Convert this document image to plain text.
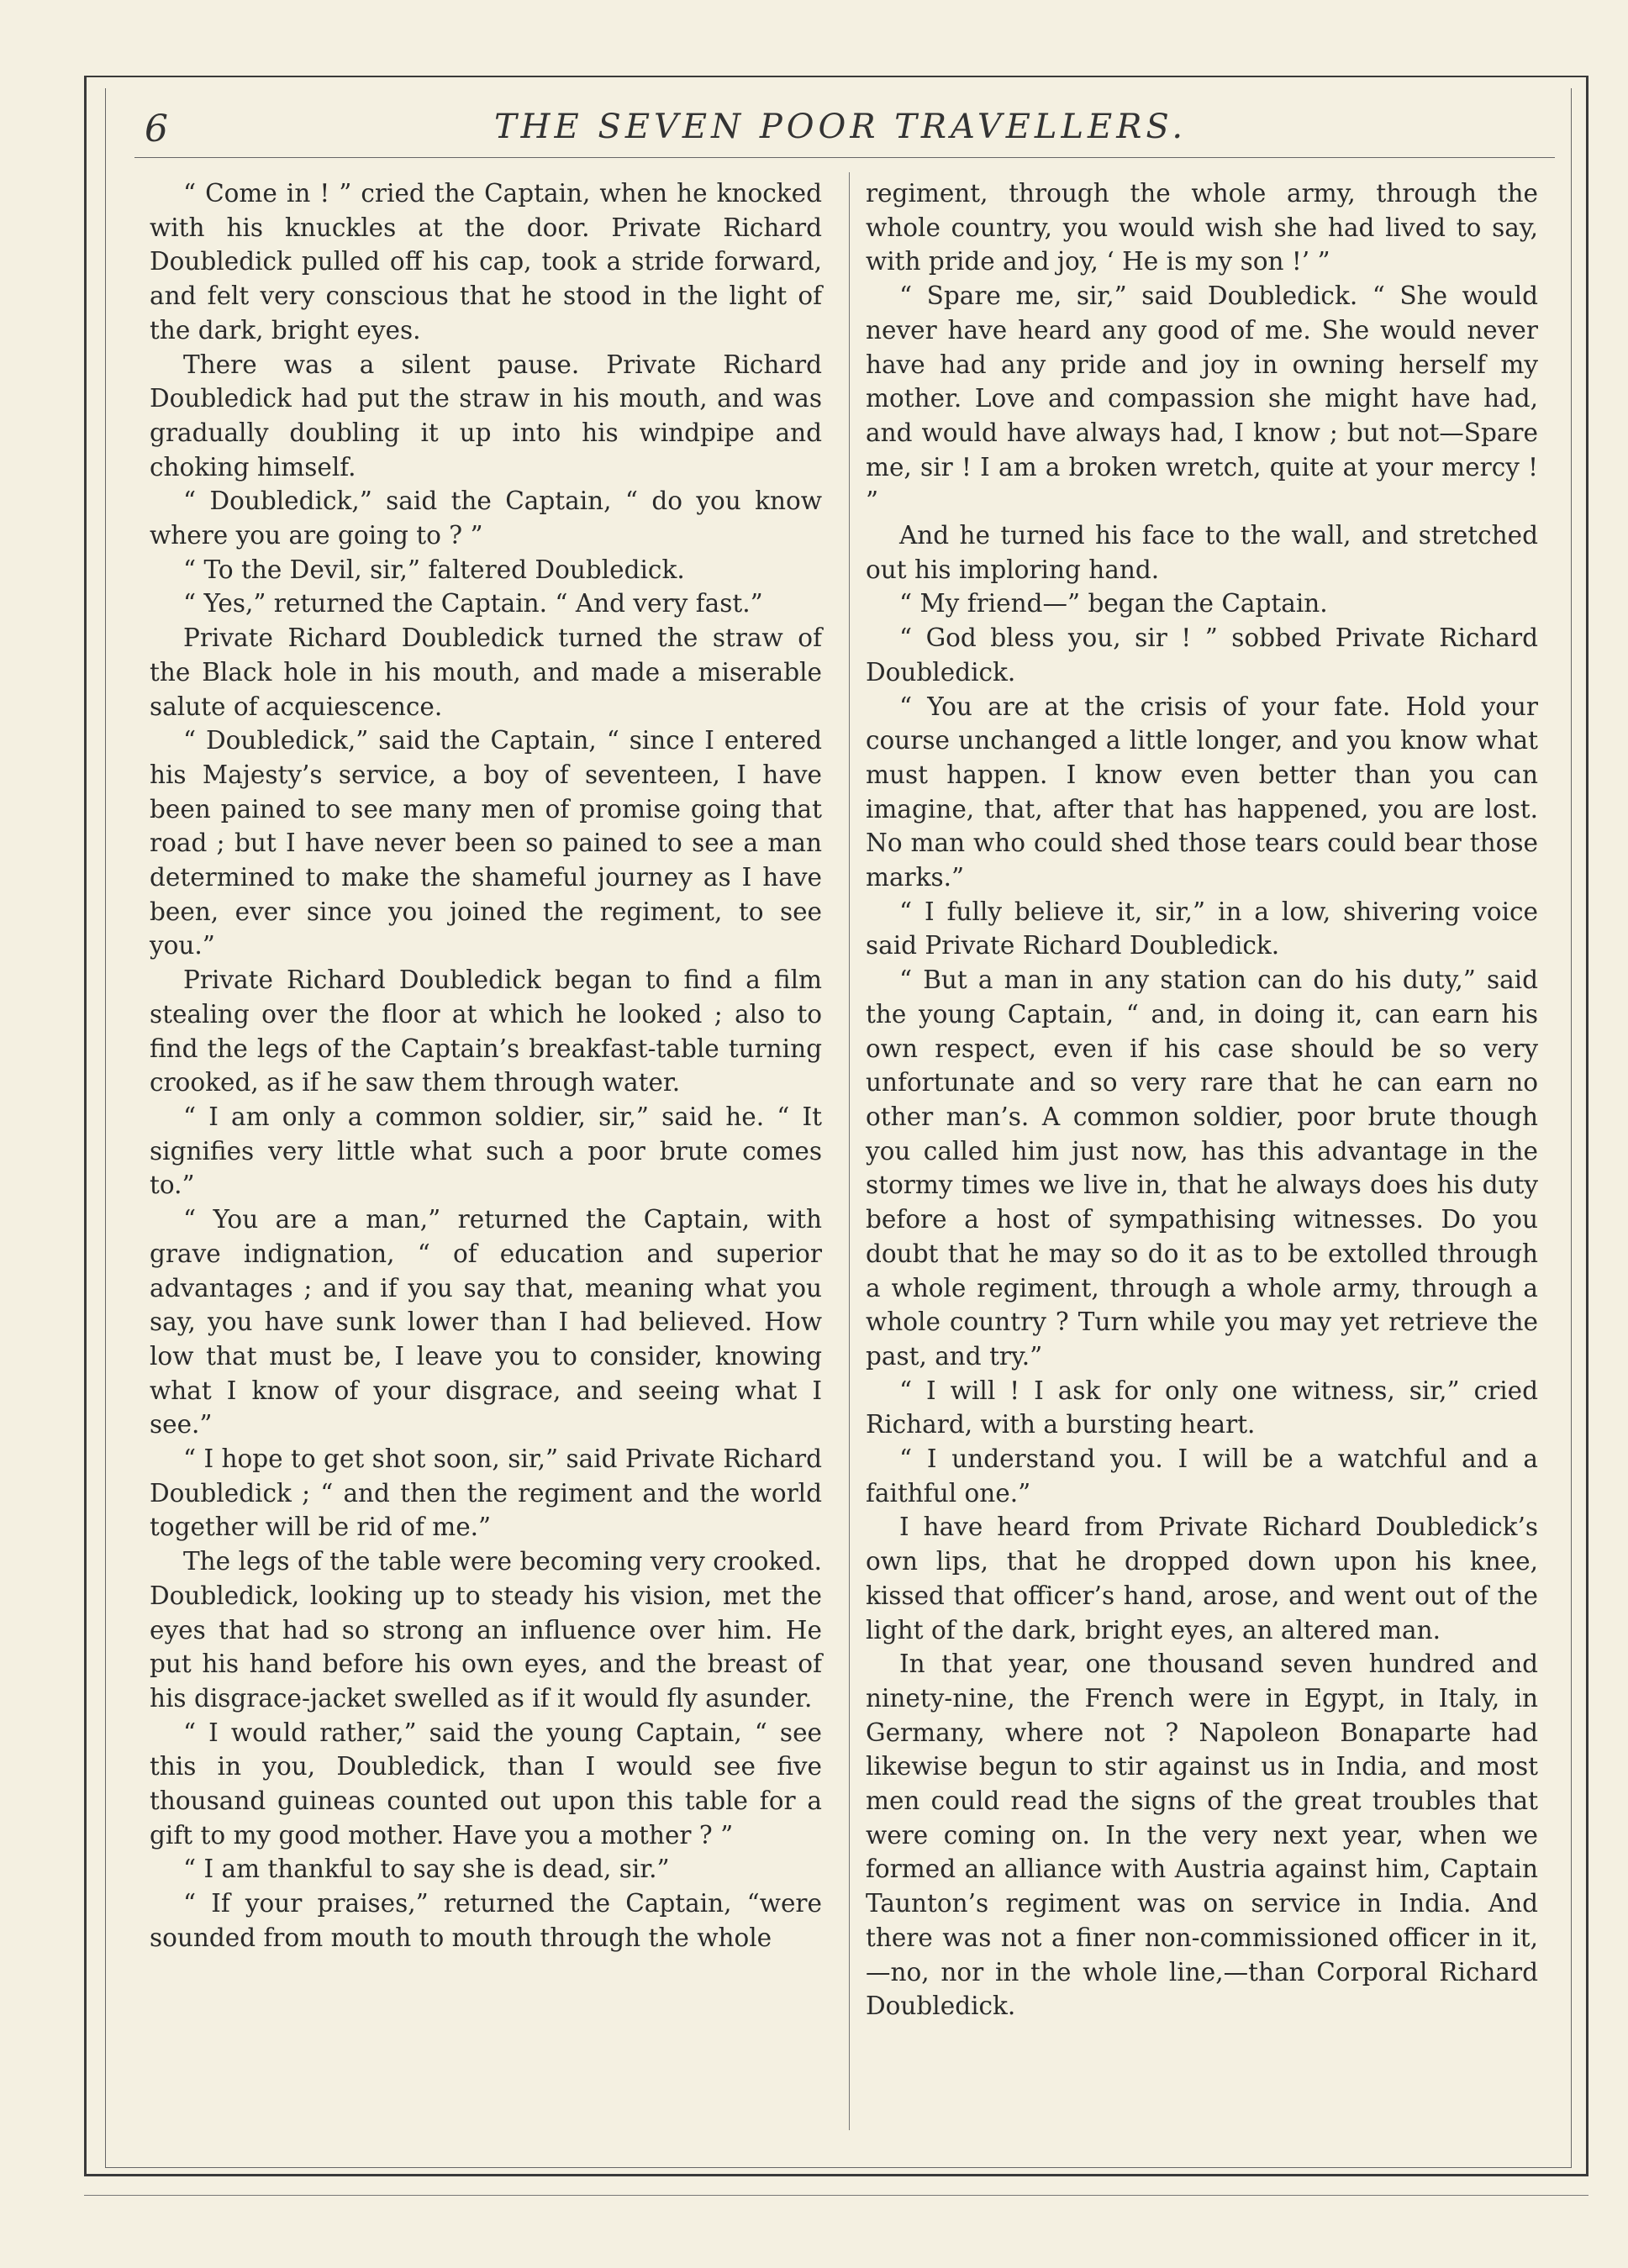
6	THE SEVEN POOR TRAVELLERS.

“ Come in ! ” cried the Captain, when he knocked with his knuckles at the door. Private Richard Doubledick pulled off his cap, took a stride forward, and felt very conscious that he stood in the light of the dark, bright eyes.

There was a silent pause. Private Richard Doubledick had put the straw in his mouth, and was gradually doubling it up into his windpipe and choking himself.

“ Doubledick,” said the Captain, “ do you know where you are going to ? ”

“ To the Devil, sir,” faltered Doubledick.

“ Yes,” returned the Captain. “ And very fast.”

Private Richard Doubledick turned the straw of the Black hole in his mouth, and made a miserable salute of acquiescence.

“ Doubledick,” said the Captain, “ since I entered his Majesty’s service, a boy of seventeen, I have been pained to see many men of promise going that road ; but I have never been so pained to see a man determined to make the shameful journey as I have been, ever since you joined the regiment, to see you.”

Private Richard Doubledick began to find a film stealing over the floor at which he looked ; also to find the legs of the Captain’s breakfast-table turning crooked, as if he saw them through water.

“ I am only a common soldier, sir,” said he. “ It signifies very little what such a poor brute comes to.”

“ You are a man,” returned the Captain, with grave indignation, “ of education and superior advantages ; and if you say that, meaning what you say, you have sunk lower than I had believed. How low that must be, I leave you to consider, knowing what I know of your disgrace, and seeing what I see.”

“ I hope to get shot soon, sir,” said Private Richard Doubledick ; “ and then the regiment and the world together will be rid of me.”

The legs of the table were becoming very crooked. Doubledick, looking up to steady his vision, met the eyes that had so strong an influence over him. He put his hand before his own eyes, and the breast of his disgrace-jacket swelled as if it would fly asunder.

“ I would rather,” said the young Captain, “ see this in you, Doubledick, than I would see five thousand guineas counted out upon this table for a gift to my good mother. Have you a mother ? ”

“ I am thankful to say she is dead, sir.”

“ If your praises,” returned the Captain, “were sounded from mouth to mouth through the whole

regiment, through the whole army, through the whole country, you would wish she had lived to say, with pride and joy, ‘ He is my son !’ ”

“ Spare me, sir,” said Doubledick. “ She would never have heard any good of me. She would never have had any pride and joy in owning herself my mother. Love and compassion she might have had, and would have always had, I know ; but not—Spare me, sir ! I am a broken wretch, quite at your mercy ! ”

And he turned his face to the wall, and stretched out his imploring hand.

“ My friend—” began the Captain.

“ God bless you, sir ! ” sobbed Private Richard Doubledick.

“ You are at the crisis of your fate. Hold your course unchanged a little longer, and you know what must happen. I know even better than you can imagine, that, after that has happened, you are lost. No man who could shed those tears could bear those marks.”

“ I fully believe it, sir,” in a low, shivering voice said Private Richard Doubledick.

“ But a man in any station can do his duty,” said the young Captain, “ and, in doing it, can earn his own respect, even if his case should be so very unfortunate and so very rare that he can earn no other man’s. A common soldier, poor brute though you called him just now, has this advantage in the stormy times we live in, that he always does his duty before a host of sympathising witnesses. Do you doubt that he may so do it as to be extolled through a whole regiment, through a whole army, through a whole country ? Turn while you may yet retrieve the past, and try.”

“ I will ! I ask for only one witness, sir,” cried Richard, with a bursting heart.

“ I understand you. I will be a watchful and a faithful one.”

I have heard from Private Richard Doubledick’s own lips, that he dropped down upon his knee, kissed that officer’s hand, arose, and went out of the light of the dark, bright eyes, an altered man.

In that year, one thousand seven hundred and ninety-nine, the French were in Egypt, in Italy, in Germany, where not ? Napoleon Bonaparte had likewise begun to stir against us in India, and most men could read the signs of the great troubles that were coming on. In the very next year, when we formed an alliance with Austria against him, Captain Taunton’s regiment was on service in India. And there was not a finer non-commissioned officer in it,—no, nor in the whole line,—than Corporal Richard Doubledick.
